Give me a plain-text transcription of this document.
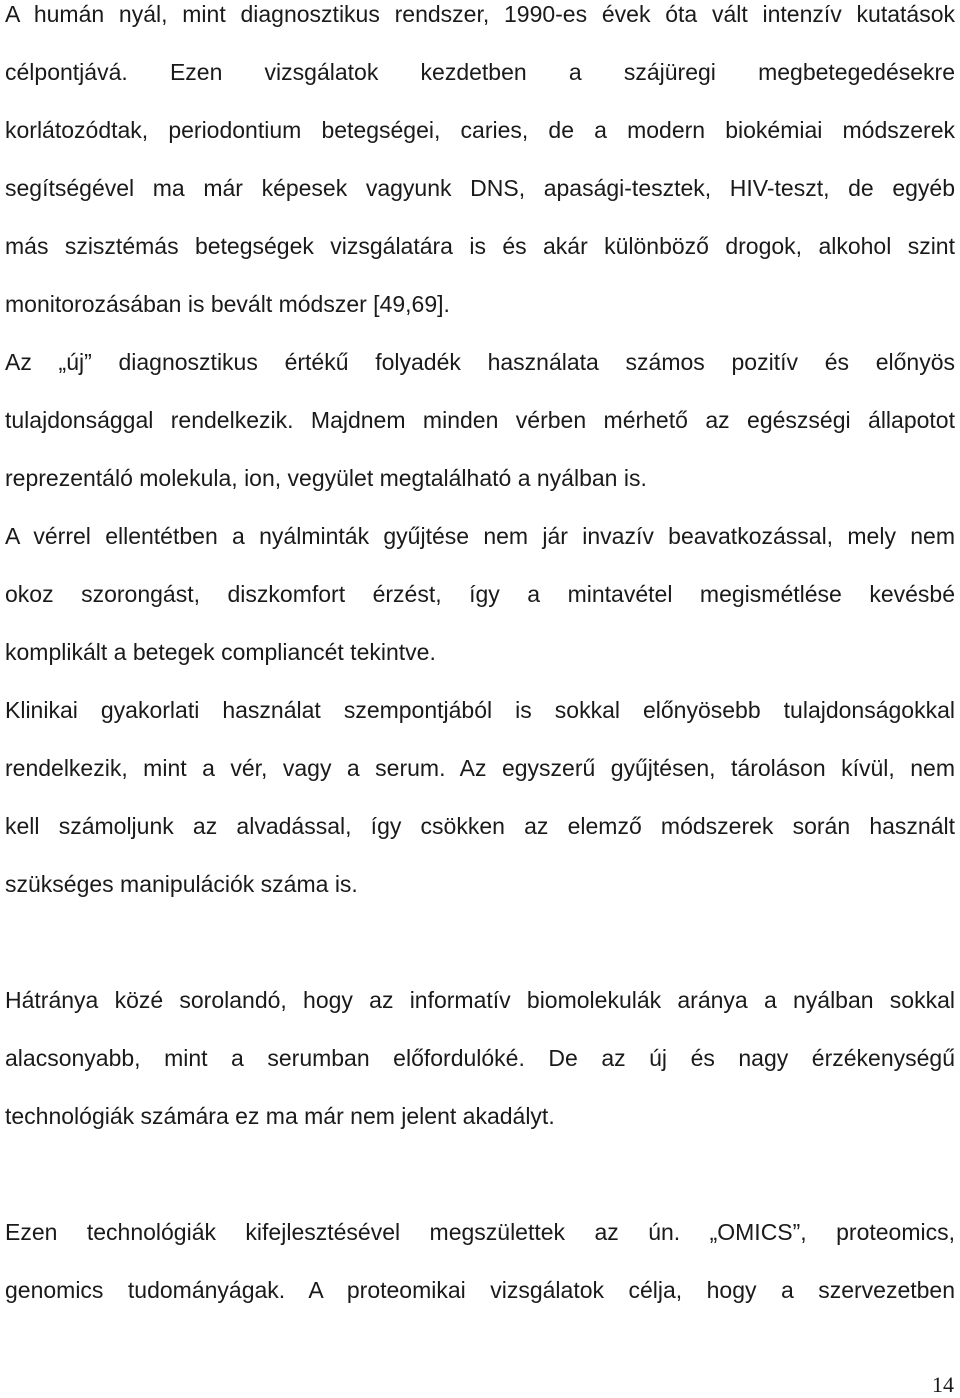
A humán nyál, mint diagnosztikus rendszer, 1990-es évek óta vált intenzív kutatások
célpontjává. Ezen vizsgálatok kezdetben a szájüregi megbetegedésekre
korlátozódtak, periodontium betegségei, caries, de a modern biokémiai módszerek
segítségével ma már képesek vagyunk DNS, apasági-tesztek, HIV-teszt, de egyéb
más szisztémás betegségek vizsgálatára is és akár különböző drogok, alkohol szint
monitorozásában is bevált módszer [49,69].
Az „új” diagnosztikus értékű folyadék használata számos pozitív és előnyös
tulajdonsággal rendelkezik. Majdnem minden vérben mérhető az egészségi állapotot
reprezentáló molekula, ion, vegyület megtalálható a nyálban is.
A vérrel ellentétben a nyálminták gyűjtése nem jár invazív beavatkozással, mely nem
okoz szorongást, diszkomfort érzést, így a mintavétel megismétlése kevésbé
komplikált a betegek compliancét tekintve.
Klinikai gyakorlati használat szempontjából is sokkal előnyösebb tulajdonságokkal
rendelkezik, mint a vér, vagy a serum. Az egyszerű gyűjtésen, tároláson kívül, nem
kell számoljunk az alvadással, így csökken az elemző módszerek során használt
szükséges manipulációk száma is.
Hátránya közé sorolandó, hogy az informatív biomolekulák aránya a nyálban sokkal
alacsonyabb, mint a serumban előfordulóké. De az új és nagy érzékenységű
technológiák számára ez ma már nem jelent akadályt.
Ezen technológiák kifejlesztésével megszülettek az ún. „OMICS”, proteomics,
genomics tudományágak. A proteomikai vizsgálatok célja, hogy a szervezetben
14
